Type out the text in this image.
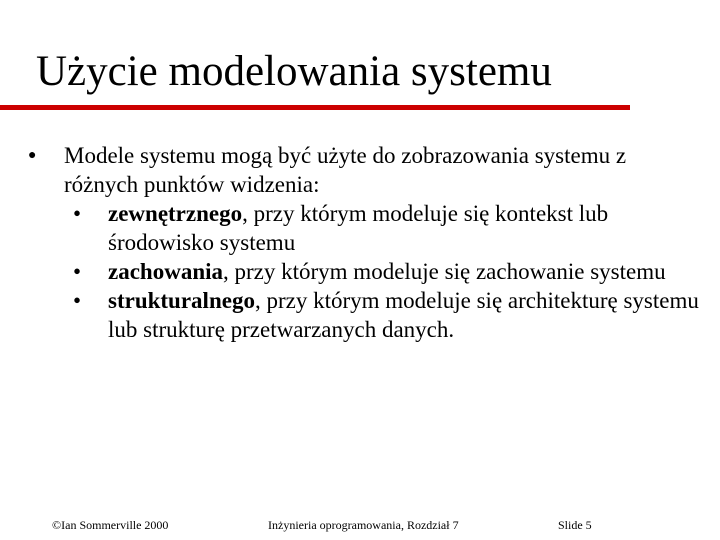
Użycie modelowania systemu
● Modele systemu mogą być użyte do zobrazowania systemu z różnych punktów widzenia:

• zewnętrznego, przy którym modeluje się kontekst lub środowisko systemu
• zachowania, przy którym modeluje się zachowanie systemu
• strukturalnego, przy którym modeluje się architekturę systemu lub strukturę przetwarzanych danych.
©Ian Sommerville 2000	Inżynieria oprogramowania, Rozdział 7	Slide 5
